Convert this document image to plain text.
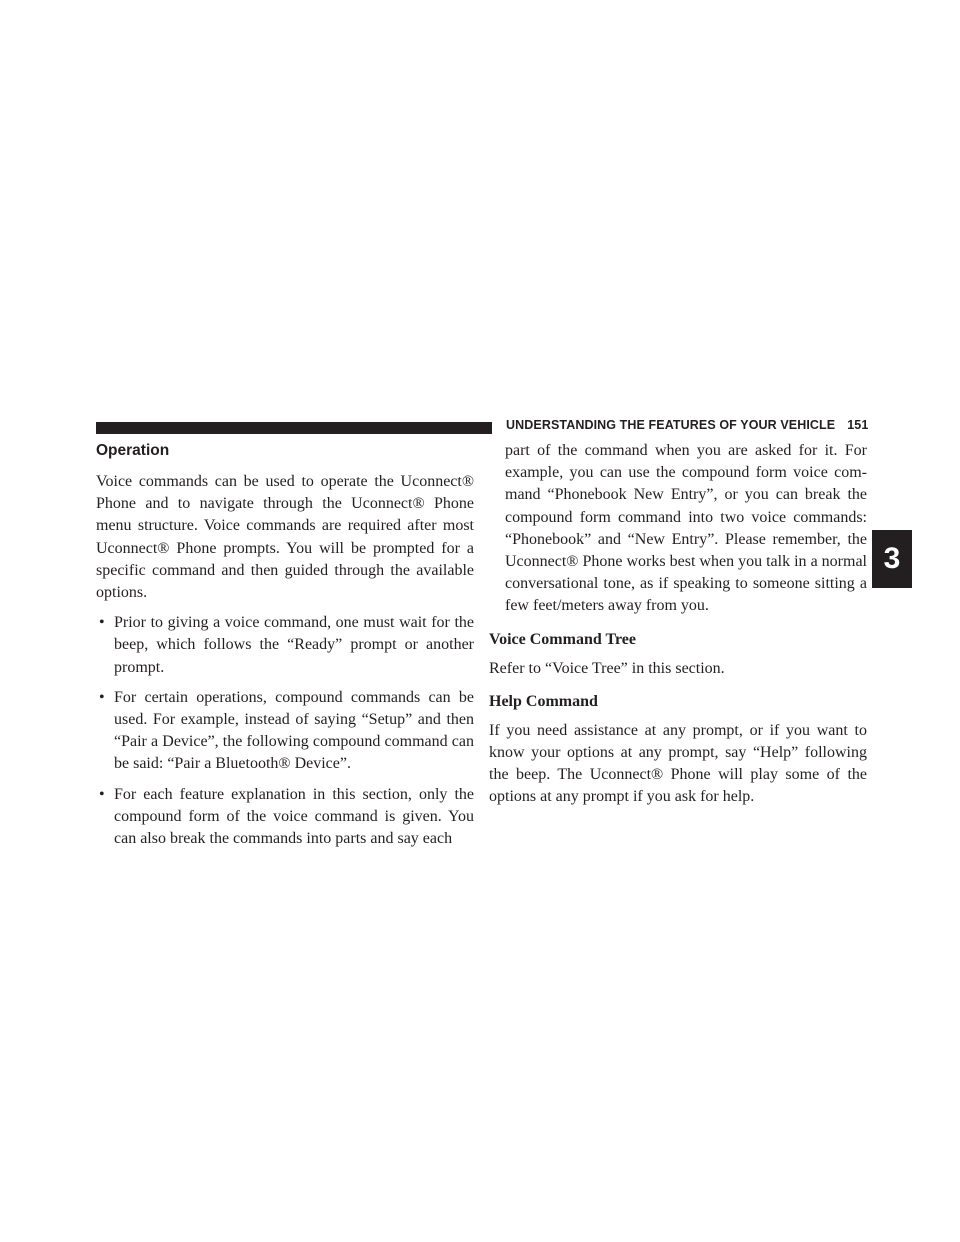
UNDERSTANDING THE FEATURES OF YOUR VEHICLE 151
3
Operation

Voice commands can be used to operate the Uconnect® Phone and to navigate through the Uconnect® Phone menu structure. Voice commands are required after most Uconnect® Phone prompts. You will be prompted for a specific command and then guided through the available options.

• Prior to giving a voice command, one must wait for the beep, which follows the “Ready” prompt or another prompt.
• For certain operations, compound commands can be used. For example, instead of saying “Setup” and then “Pair a Device”, the following compound command can be said: “Pair a Bluetooth® Device”.
• For each feature explanation in this section, only the compound form of the voice command is given. You can also break the commands into parts and say each

part of the command when you are asked for it. For example, you can use the compound form voice com- mand “Phonebook New Entry”, or you can break the compound form command into two voice commands: “Phonebook” and “New Entry”. Please remember, the Uconnect® Phone works best when you talk in a normal conversational tone, as if speaking to someone sitting a few feet/meters away from you.

Voice Command Tree

Refer to “Voice Tree” in this section.

Help Command

If you need assistance at any prompt, or if you want to know your options at any prompt, say “Help” following the beep. The Uconnect® Phone will play some of the options at any prompt if you ask for help.
